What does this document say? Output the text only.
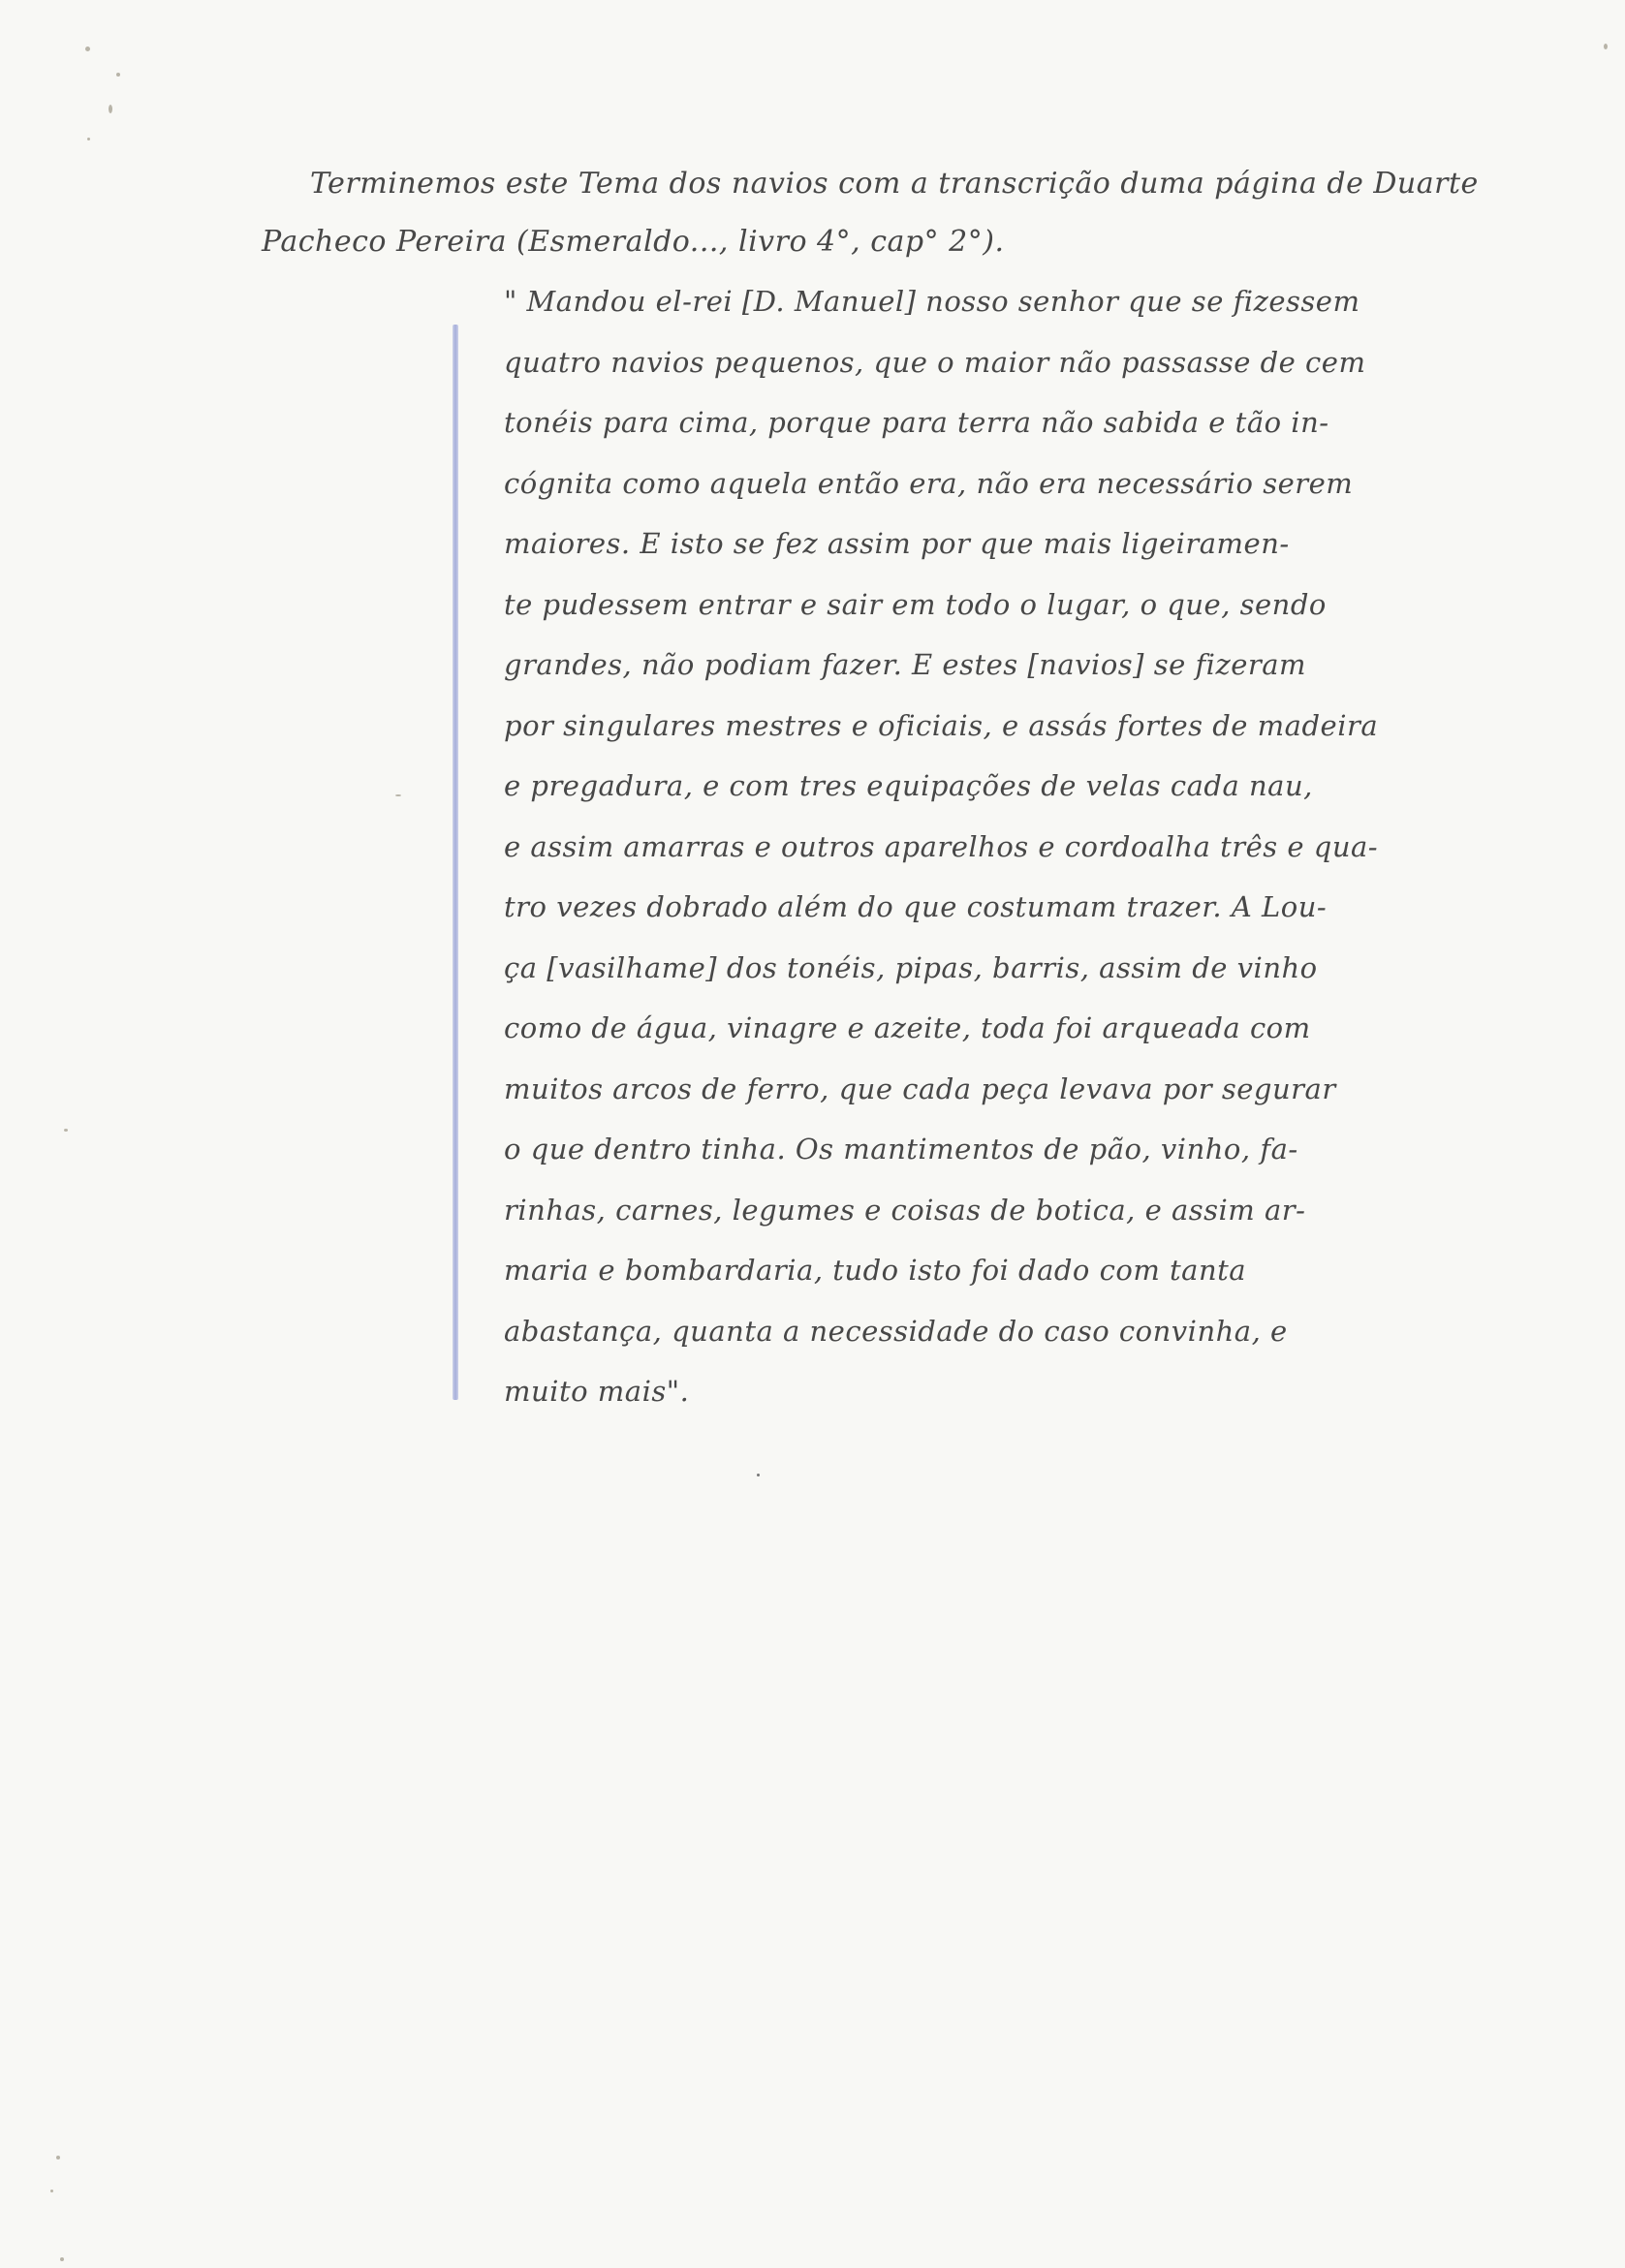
Terminemos este Tema dos navios com a transcrição duma página de Duarte
Pacheco Pereira (Esmeraldo..., livro 4°, cap° 2°).
" Mandou el-rei [D. Manuel] nosso senhor que se fizessem
quatro navios pequenos, que o maior não passasse de cem
tonéis para cima, porque para terra não sabida e tão in-
cógnita como aquela então era, não era necessário serem
maiores. E isto se fez assim por que mais ligeiramen-
te pudessem entrar e sair em todo o lugar, o que, sendo
grandes, não podiam fazer. E estes [navios] se fizeram
por singulares mestres e oficiais, e assás fortes de madeira
e pregadura, e com tres equipações de velas cada nau,
e assim amarras e outros aparelhos e cordoalha três e qua-
tro vezes dobrado além do que costumam trazer. A Lou-
ça [vasilhame] dos tonéis, pipas, barris, assim de vinho
como de água, vinagre e azeite, toda foi arqueada com
muitos arcos de ferro, que cada peça levava por segurar
o que dentro tinha. Os mantimentos de pão, vinho, fa-
rinhas, carnes, legumes e coisas de botica, e assim ar-
maria e bombardaria, tudo isto foi dado com tanta
abastança, quanta a necessidade do caso convinha, e
muito mais".
